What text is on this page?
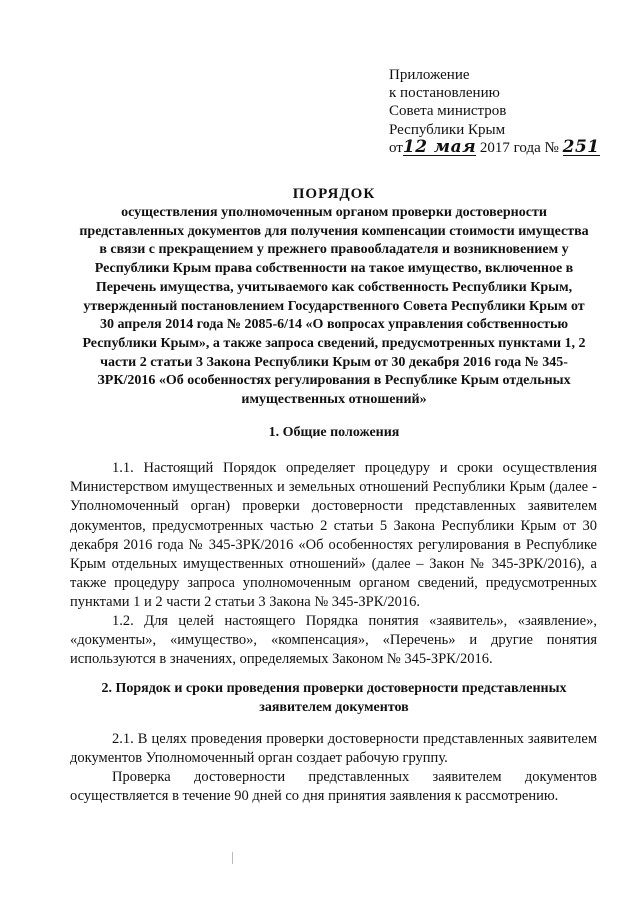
Приложение
к постановлению
Совета министров
Республики Крым
от12 мая 2017 года № 251
ПОРЯДОК
осуществления уполномоченным органом проверки достоверности представленных документов для получения компенсации стоимости имущества в связи с прекращением у прежнего правообладателя и возникновением у Республики Крым права собственности на такое имущество, включенное в Перечень имущества, учитываемого как собственность Республики Крым, утвержденный постановлением Государственного Совета Республики Крым от 30 апреля 2014 года № 2085-6/14 «О вопросах управления собственностью Республики Крым», а также запроса сведений, предусмотренных пунктами 1, 2 части 2 статьи 3 Закона Республики Крым от 30 декабря 2016 года № 345-ЗРК/2016 «Об особенностях регулирования в Республике Крым отдельных имущественных отношений»
1. Общие положения
1.1. Настоящий Порядок определяет процедуру и сроки осуществления Министерством имущественных и земельных отношений Республики Крым (далее - Уполномоченный орган) проверки достоверности представленных заявителем документов, предусмотренных частью 2 статьи 5 Закона Республики Крым от 30 декабря 2016 года № 345-ЗРК/2016 «Об особенностях регулирования в Республике Крым отдельных имущественных отношений» (далее – Закон № 345-ЗРК/2016), а также процедуру запроса уполномоченным органом сведений, предусмотренных пунктами 1 и 2 части 2 статьи 3 Закона № 345-ЗРК/2016.
1.2. Для целей настоящего Порядка понятия «заявитель», «заявление», «документы», «имущество», «компенсация», «Перечень» и другие понятия используются в значениях, определяемых Законом № 345-ЗРК/2016.
2. Порядок и сроки проведения проверки достоверности представленных заявителем документов
2.1. В целях проведения проверки достоверности представленных заявителем документов Уполномоченный орган создает рабочую группу.
Проверка достоверности представленных заявителем документов осуществляется в течение 90 дней со дня принятия заявления к рассмотрению.
